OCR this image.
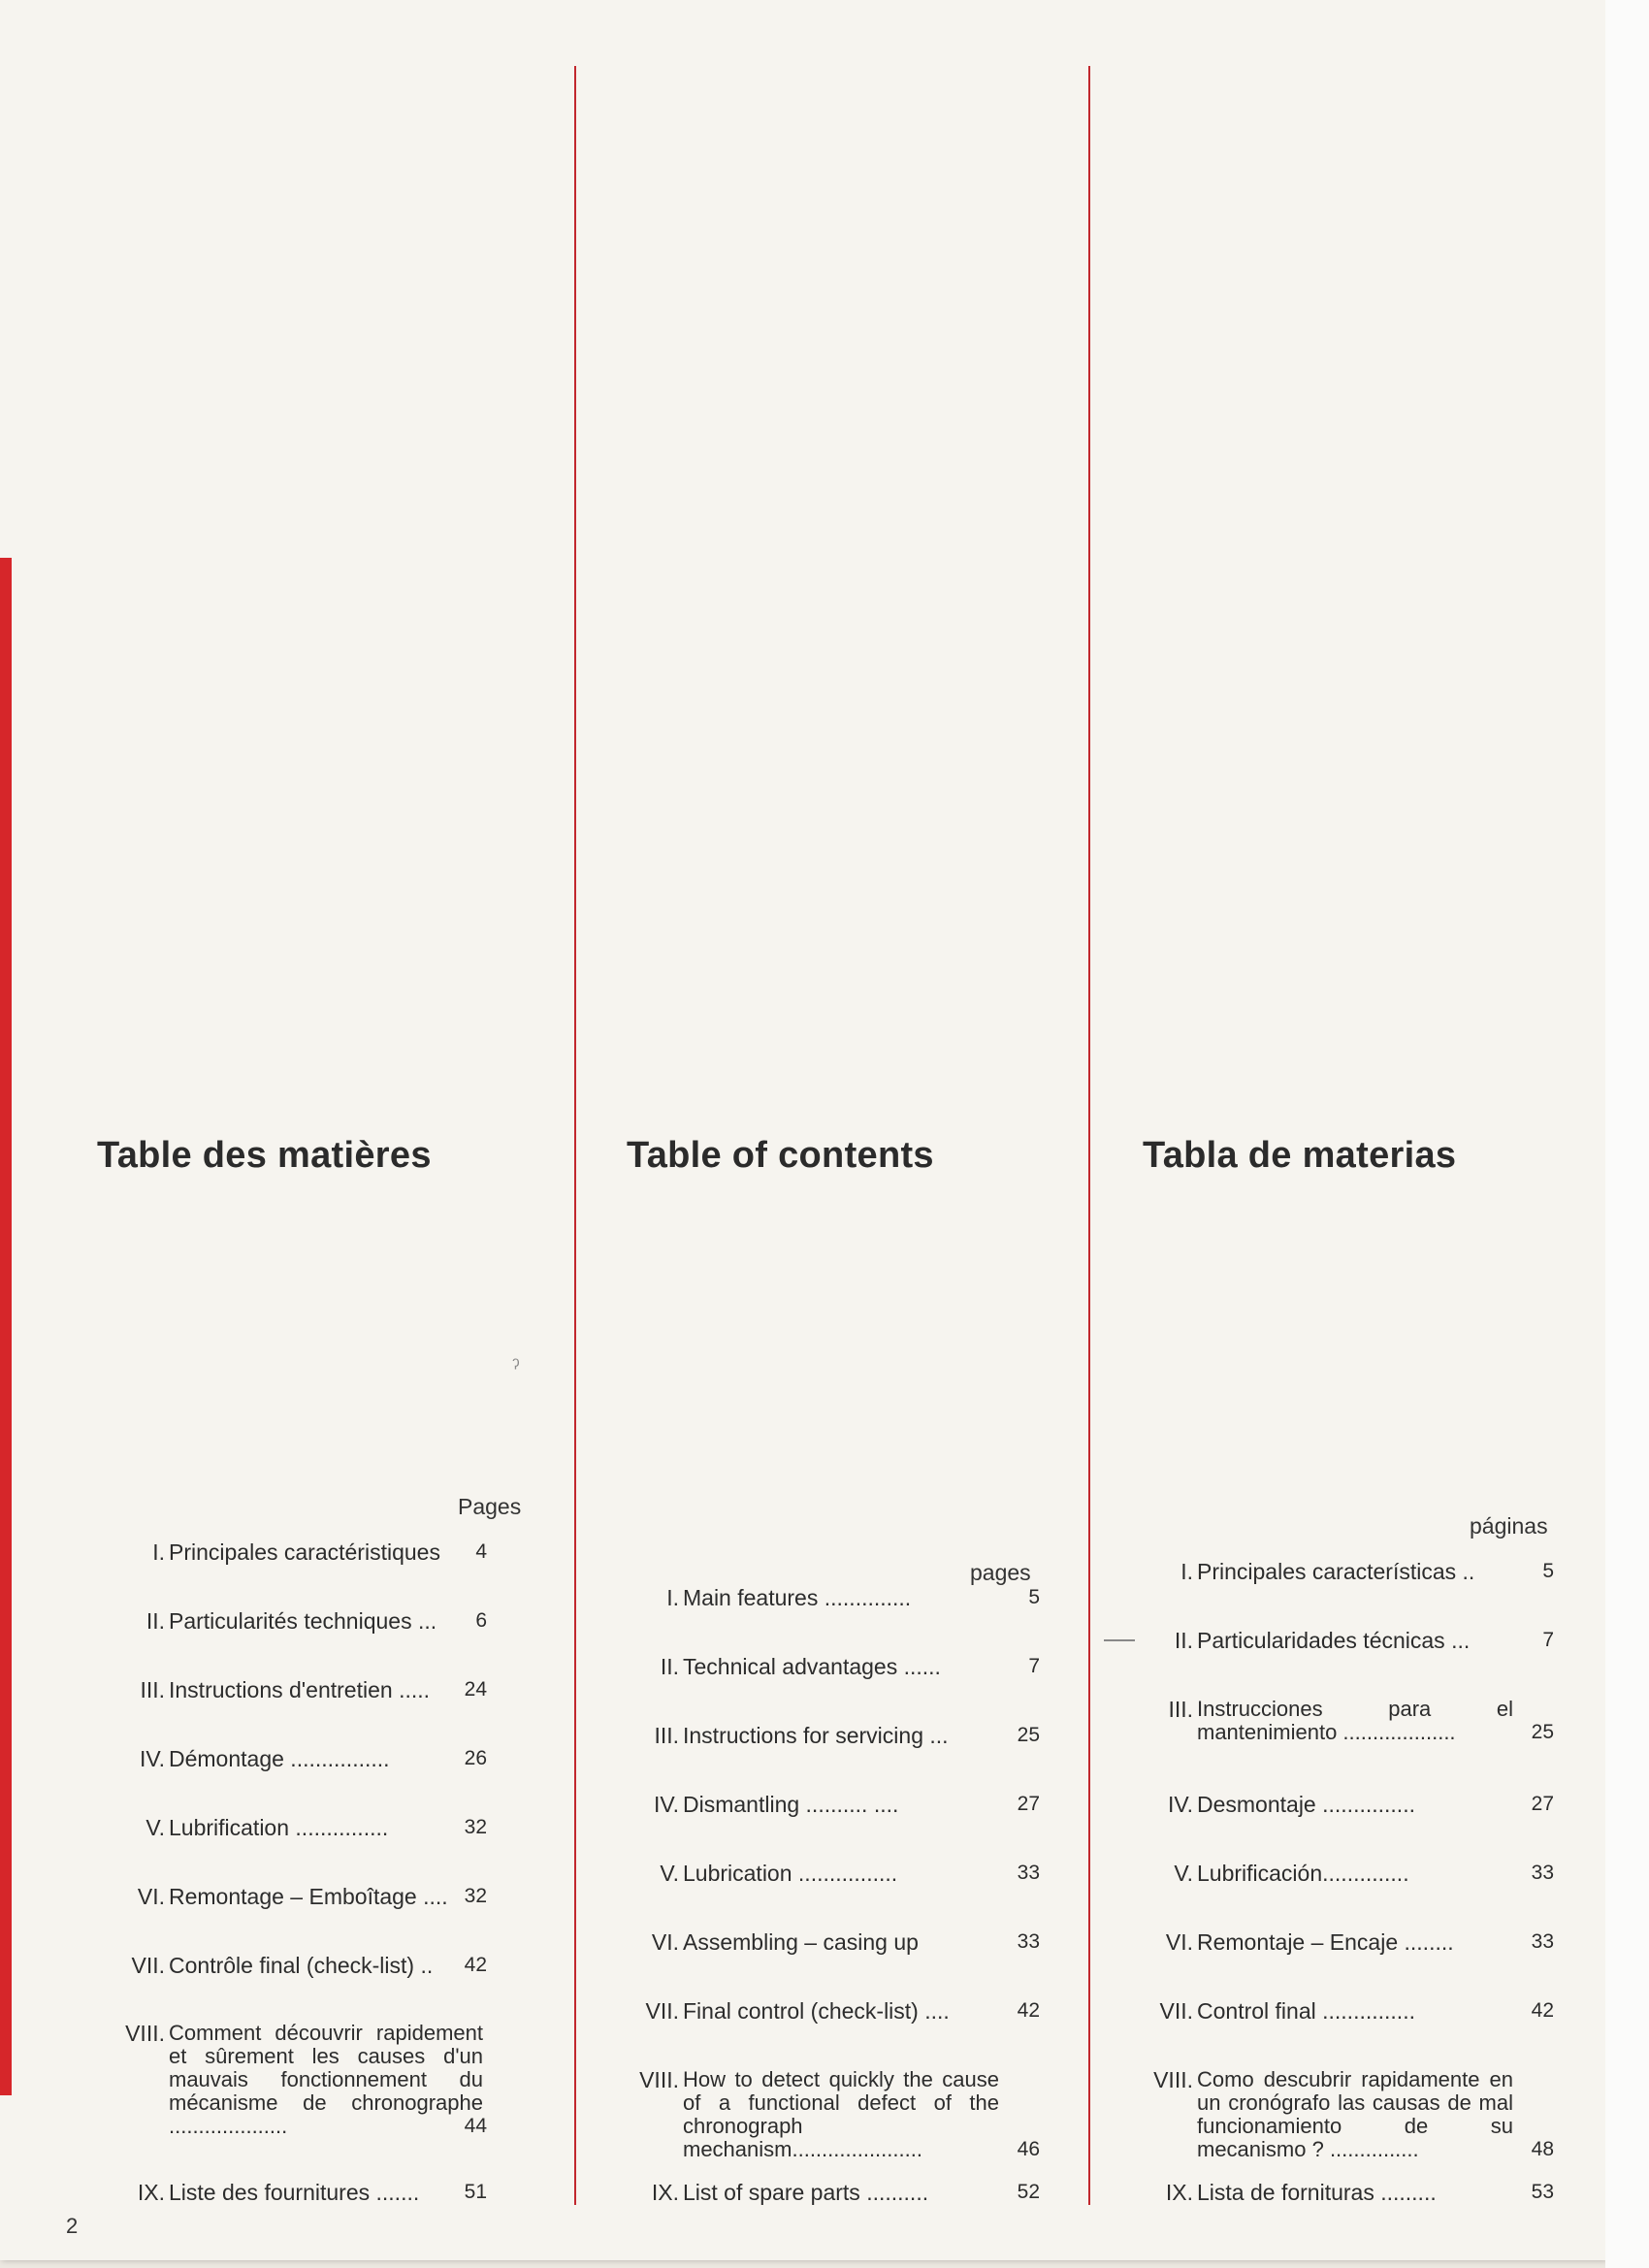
Table des matières
Pages
I. Principales caractéristiques	4
II. Particularités techniques ...	6
III. Instructions d'entretien .....	24
IV. Démontage ................	26
V. Lubrification ...............	32
VI. Remontage – Emboîtage .... 32
VII. Contrôle final (check-list) ..	42
VIII. Comment découvrir rapidement et sûrement les causes d'un mauvais fonctionnement du mécanisme de chronographe ....................	44
IX. Liste des fournitures .......	51
Table of contents
pages
I. Main features ..............	5
II. Technical advantages ......	7
III. Instructions for servicing ...	25
IV. Dismantling .......... ....	27
V. Lubrication ................	33
VI. Assembling – casing up	33
VII. Final control (check-list) ....	42
VIII. How to detect quickly the cause of a functional defect of the chronograph mechanism......................	46
IX. List of spare parts ..........	52
Tabla de materias
páginas
I. Principales características ..	5
II. Particularidades técnicas ...	7
III. Instrucciones para el mantenimiento ...................	25
IV. Desmontaje ...............	27
V. Lubrificación..............	33
VI. Remontaje – Encaje ........	33
VII. Control final ...............	42
VIII. Como descubrir rapidamente en un cronógrafo las causas de mal funcionamiento de su mecanismo ? ...............	48
IX. Lista de fornituras .........	53
ˀ
2
